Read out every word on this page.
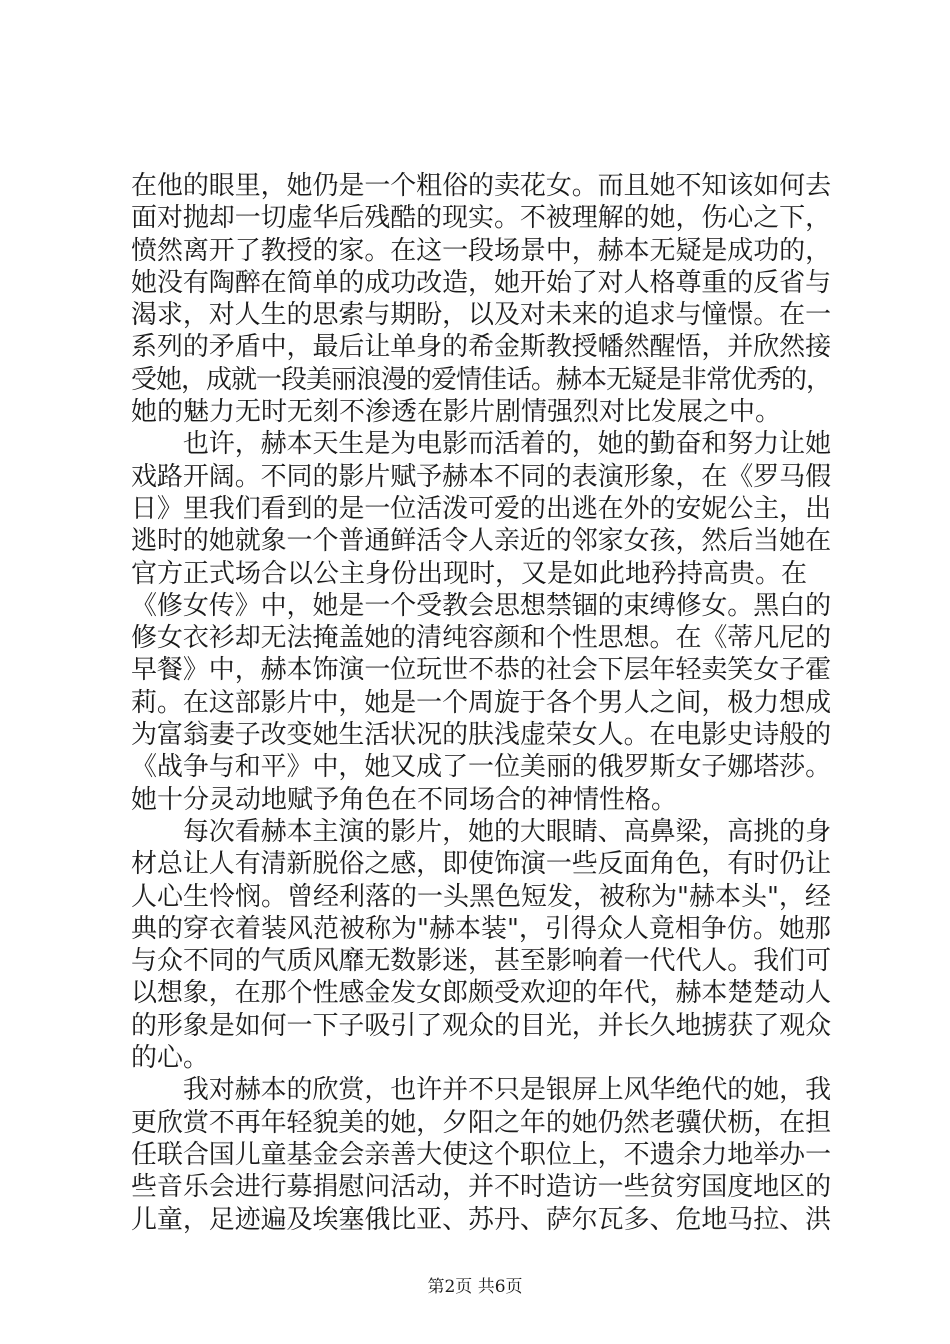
在他的眼里，她仍是一个粗俗的卖花女。而且她不知该如何去
面对抛却一切虚华后残酷的现实。不被理解的她，伤心之下，
愤然离开了教授的家。在这一段场景中，赫本无疑是成功的，
她没有陶醉在简单的成功改造，她开始了对人格尊重的反省与
渴求，对人生的思索与期盼，以及对未来的追求与憧憬。在一
系列的矛盾中，最后让单身的希金斯教授幡然醒悟，并欣然接
受她，成就一段美丽浪漫的爱情佳话。赫本无疑是非常优秀的，
她的魅力无时无刻不渗透在影片剧情强烈对比发展之中。
　　也许，赫本天生是为电影而活着的，她的勤奋和努力让她
戏路开阔。不同的影片赋予赫本不同的表演形象，在《罗马假
日》里我们看到的是一位活泼可爱的出逃在外的安妮公主，出
逃时的她就象一个普通鲜活令人亲近的邻家女孩，然后当她在
官方正式场合以公主身份出现时，又是如此地矜持高贵。在
《修女传》中，她是一个受教会思想禁锢的束缚修女。黑白的
修女衣衫却无法掩盖她的清纯容颜和个性思想。在《蒂凡尼的
早餐》中，赫本饰演一位玩世不恭的社会下层年轻卖笑女子霍
莉。在这部影片中，她是一个周旋于各个男人之间，极力想成
为富翁妻子改变她生活状况的肤浅虚荣女人。在电影史诗般的
《战争与和平》中，她又成了一位美丽的俄罗斯女子娜塔莎。
她十分灵动地赋予角色在不同场合的神情性格。
　　每次看赫本主演的影片，她的大眼睛、高鼻梁，高挑的身
材总让人有清新脱俗之感，即使饰演一些反面角色，有时仍让
人心生怜悯。曾经利落的一头黑色短发，被称为"赫本头"，经
典的穿衣着装风范被称为"赫本装"，引得众人竟相争仿。她那
与众不同的气质风靡无数影迷，甚至影响着一代代人。我们可
以想象，在那个性感金发女郎颇受欢迎的年代，赫本楚楚动人
的形象是如何一下子吸引了观众的目光，并长久地掳获了观众
的心。
　　我对赫本的欣赏，也许并不只是银屏上风华绝代的她，我
更欣赏不再年轻貌美的她，夕阳之年的她仍然老骥伏枥，在担
任联合国儿童基金会亲善大使这个职位上，不遗余力地举办一
些音乐会进行募捐慰问活动，并不时造访一些贫穷国度地区的
儿童，足迹遍及埃塞俄比亚、苏丹、萨尔瓦多、危地马拉、洪
第2页 共6页
